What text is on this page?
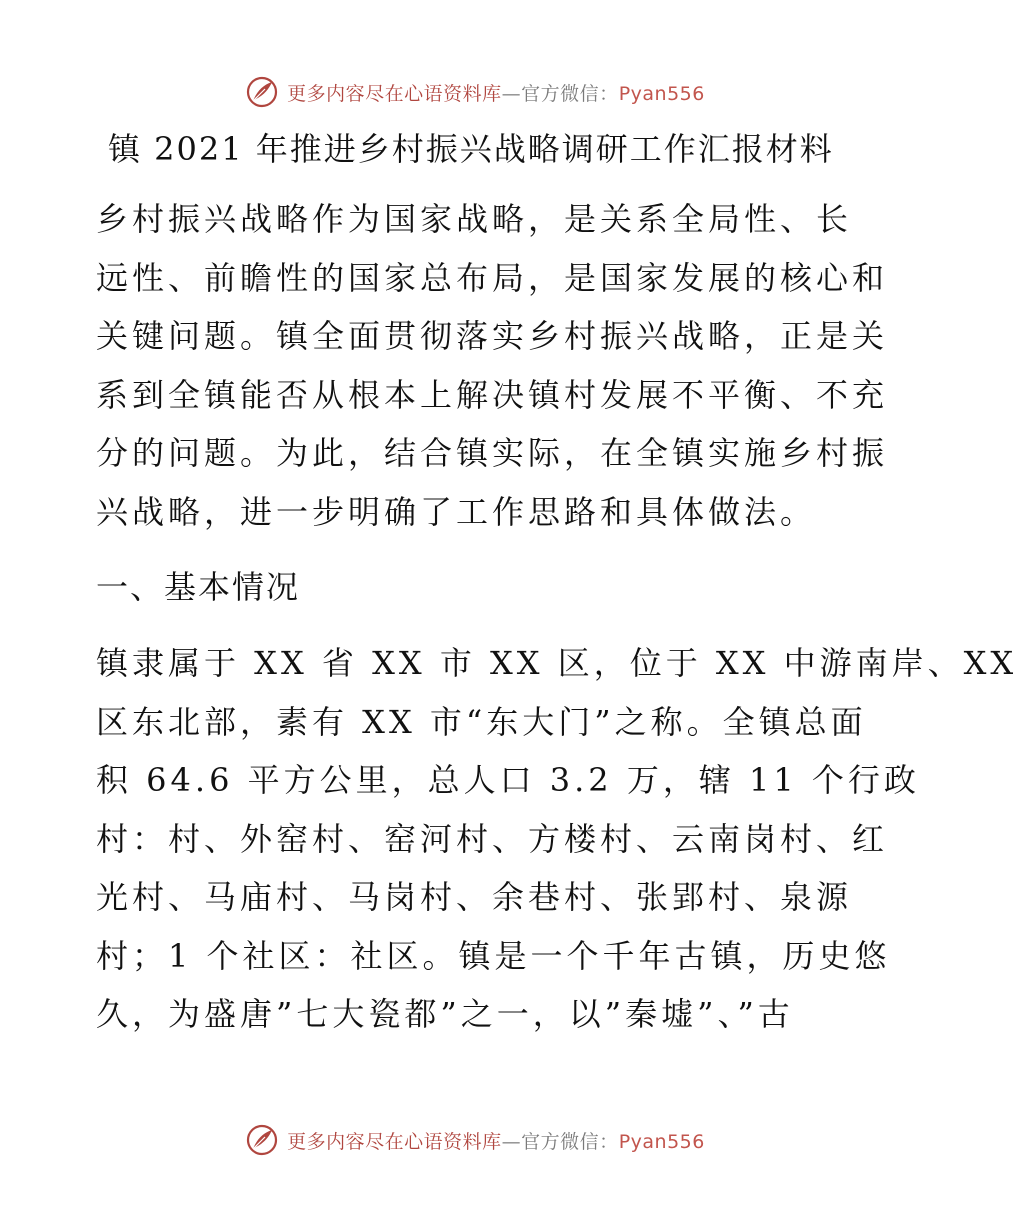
更多内容尽在心语资料库—官方微信：Pyan556
镇 2021 年推进乡村振兴战略调研工作汇报材料
乡村振兴战略作为国家战略，是关系全局性、长
远性、前瞻性的国家总布局，是国家发展的核心和
关键问题。镇全面贯彻落实乡村振兴战略，正是关
系到全镇能否从根本上解决镇村发展不平衡、不充
分的问题。为此，结合镇实际，在全镇实施乡村振
兴战略，进一步明确了工作思路和具体做法。
一、基本情况
镇隶属于 XX 省 XX 市 XX 区，位于 XX 中游南岸、XX
区东北部，素有 XX 市“东大门”之称。全镇总面
积 64.6 平方公里，总人口 3.2 万，辖 11 个行政
村：村、外窑村、窑河村、方楼村、云南岗村、红
光村、马庙村、马岗村、余巷村、张郢村、泉源
村；1 个社区：社区。镇是一个千年古镇，历史悠
久，为盛唐”七大瓷都”之一，以”秦墟”、”古
更多内容尽在心语资料库—官方微信：Pyan556
